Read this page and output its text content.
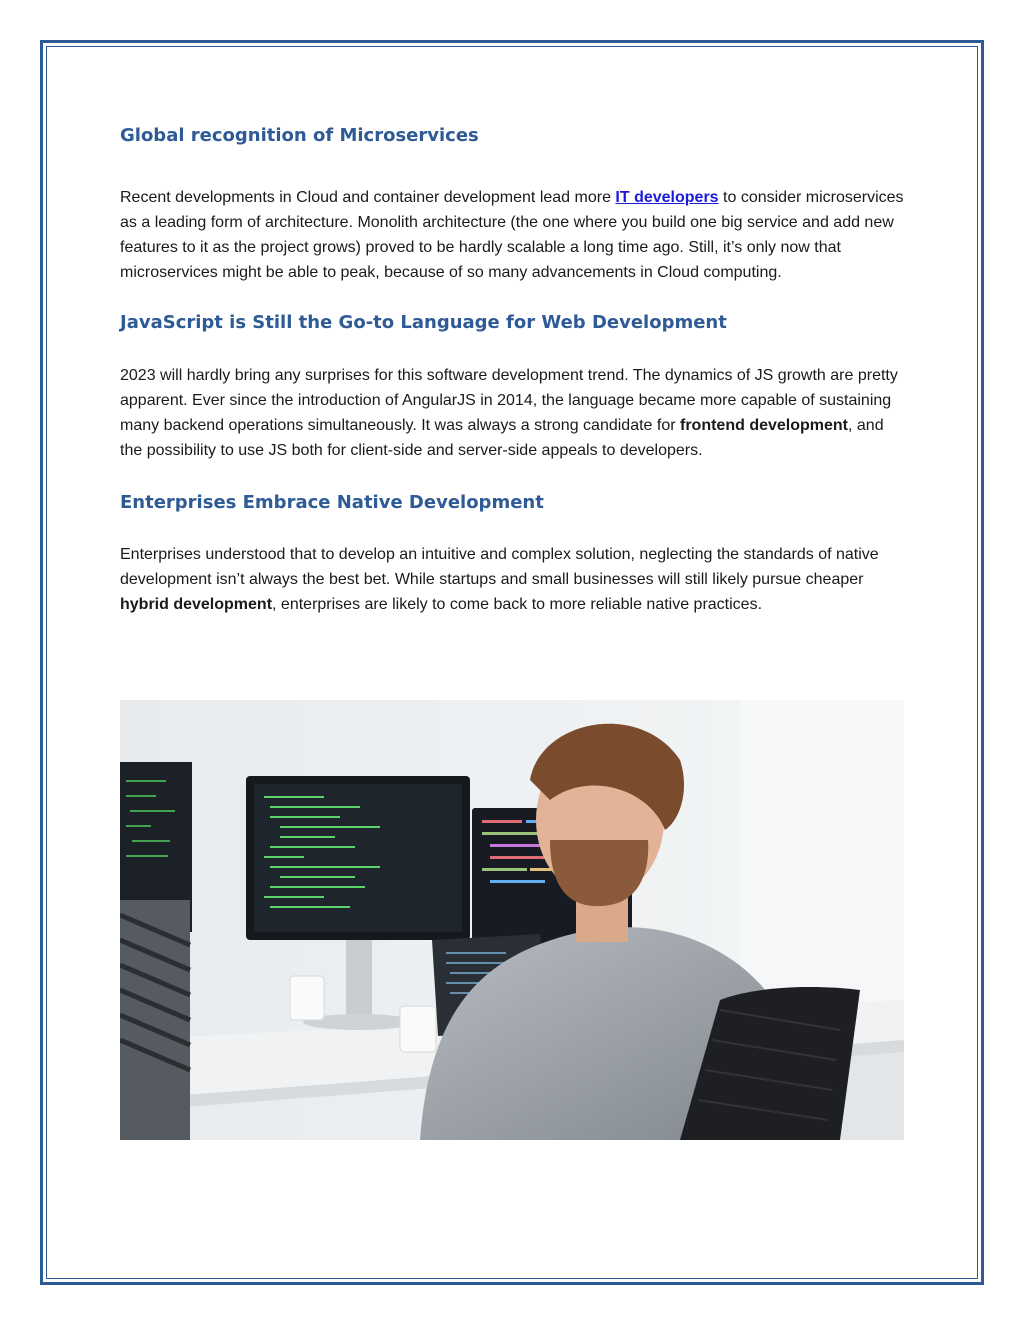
Global recognition of Microservices

Recent developments in Cloud and container development lead more IT developers to consider microservices as a leading form of architecture. Monolith architecture (the one where you build one big service and add new features to it as the project grows) proved to be hardly scalable a long time ago. Still, it’s only now that microservices might be able to peak, because of so many advancements in Cloud computing.

JavaScript is Still the Go-to Language for Web Development

2023 will hardly bring any surprises for this software development trend. The dynamics of JS growth are pretty apparent. Ever since the introduction of AngularJS in 2014, the language became more capable of sustaining many backend operations simultaneously. It was always a strong candidate for frontend development, and the possibility to use JS both for client-side and server-side appeals to developers.

Enterprises Embrace Native Development

Enterprises understood that to develop an intuitive and complex solution, neglecting the standards of native development isn’t always the best bet. While startups and small businesses will still likely pursue cheaper hybrid development, enterprises are likely to come back to more reliable native practices.
